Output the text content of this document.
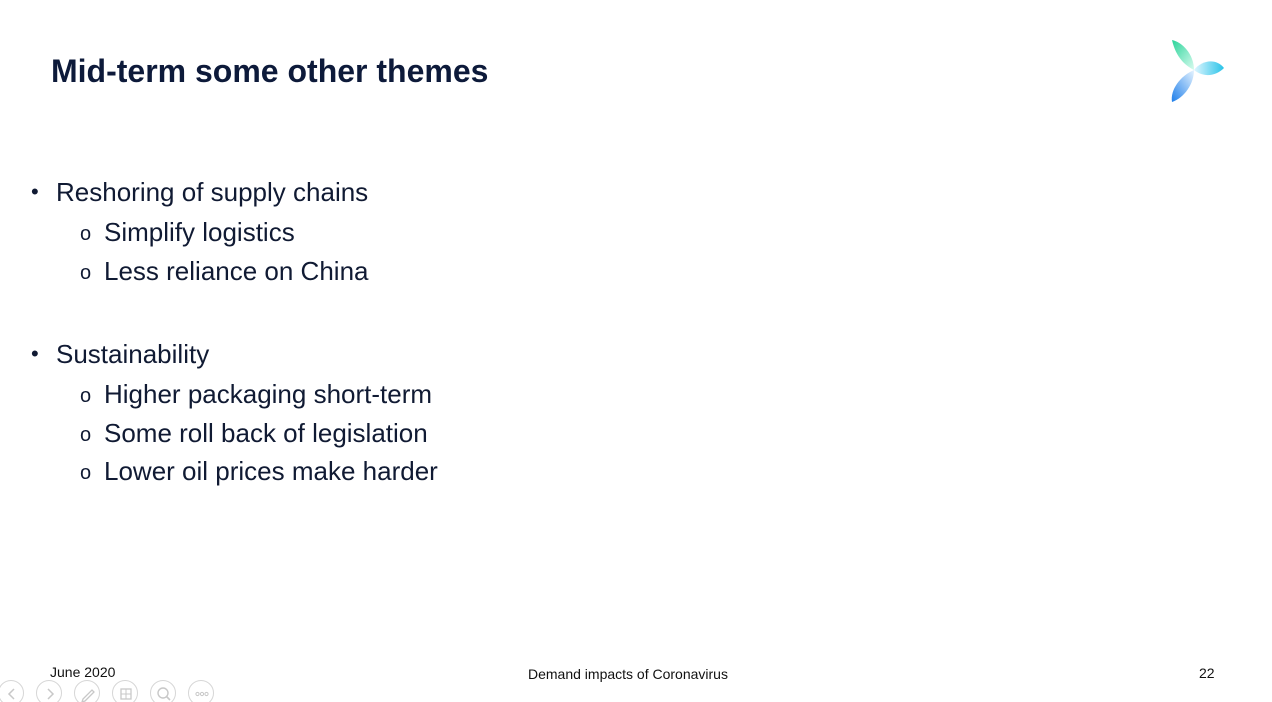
Mid-term some other themes
• Reshoring of supply chains
o Simplify logistics
o Less reliance on China
• Sustainability
o Higher packaging short-term
o Some roll back of legislation
o Lower oil prices make harder
June 2020	Demand impacts of Coronavirus	22
